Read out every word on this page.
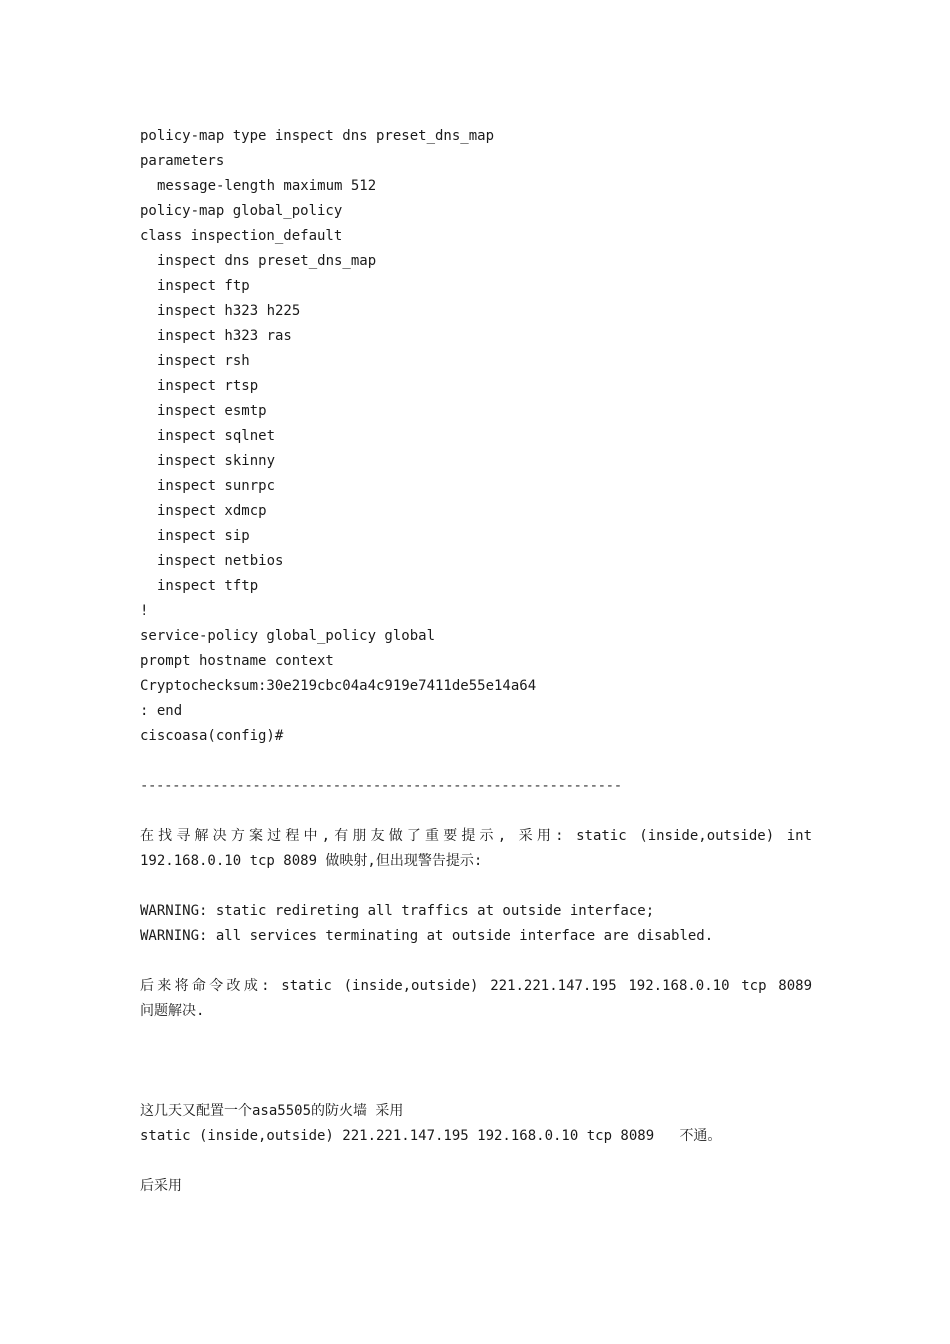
policy-map type inspect dns preset_dns_map
parameters
message-length maximum 512
policy-map global_policy
class inspection_default
inspect dns preset_dns_map
inspect ftp
inspect h323 h225
inspect h323 ras
inspect rsh
inspect rtsp
inspect esmtp
inspect sqlnet
inspect skinny
inspect sunrpc
inspect xdmcp
inspect sip
inspect netbios
inspect tftp
!
service-policy global_policy global
prompt hostname context
Cryptochecksum:30e219cbc04a4c919e7411de55e14a64
: end
ciscoasa(config)#
------------------------------------------------------------
在找寻解决方案过程中,有朋友做了重要提示, 采用: static (inside,outside) int
192.168.0.10 tcp 8089 做映射,但出现警告提示:
WARNING: static redireting all traffics at outside interface;
WARNING: all services terminating at outside interface are disabled.
后来将命令改成: static (inside,outside) 221.221.147.195 192.168.0.10 tcp 8089
问题解决.
这几天又配置一个asa5505的防火墙 采用
static (inside,outside) 221.221.147.195 192.168.0.10 tcp 8089   不通。
后采用
